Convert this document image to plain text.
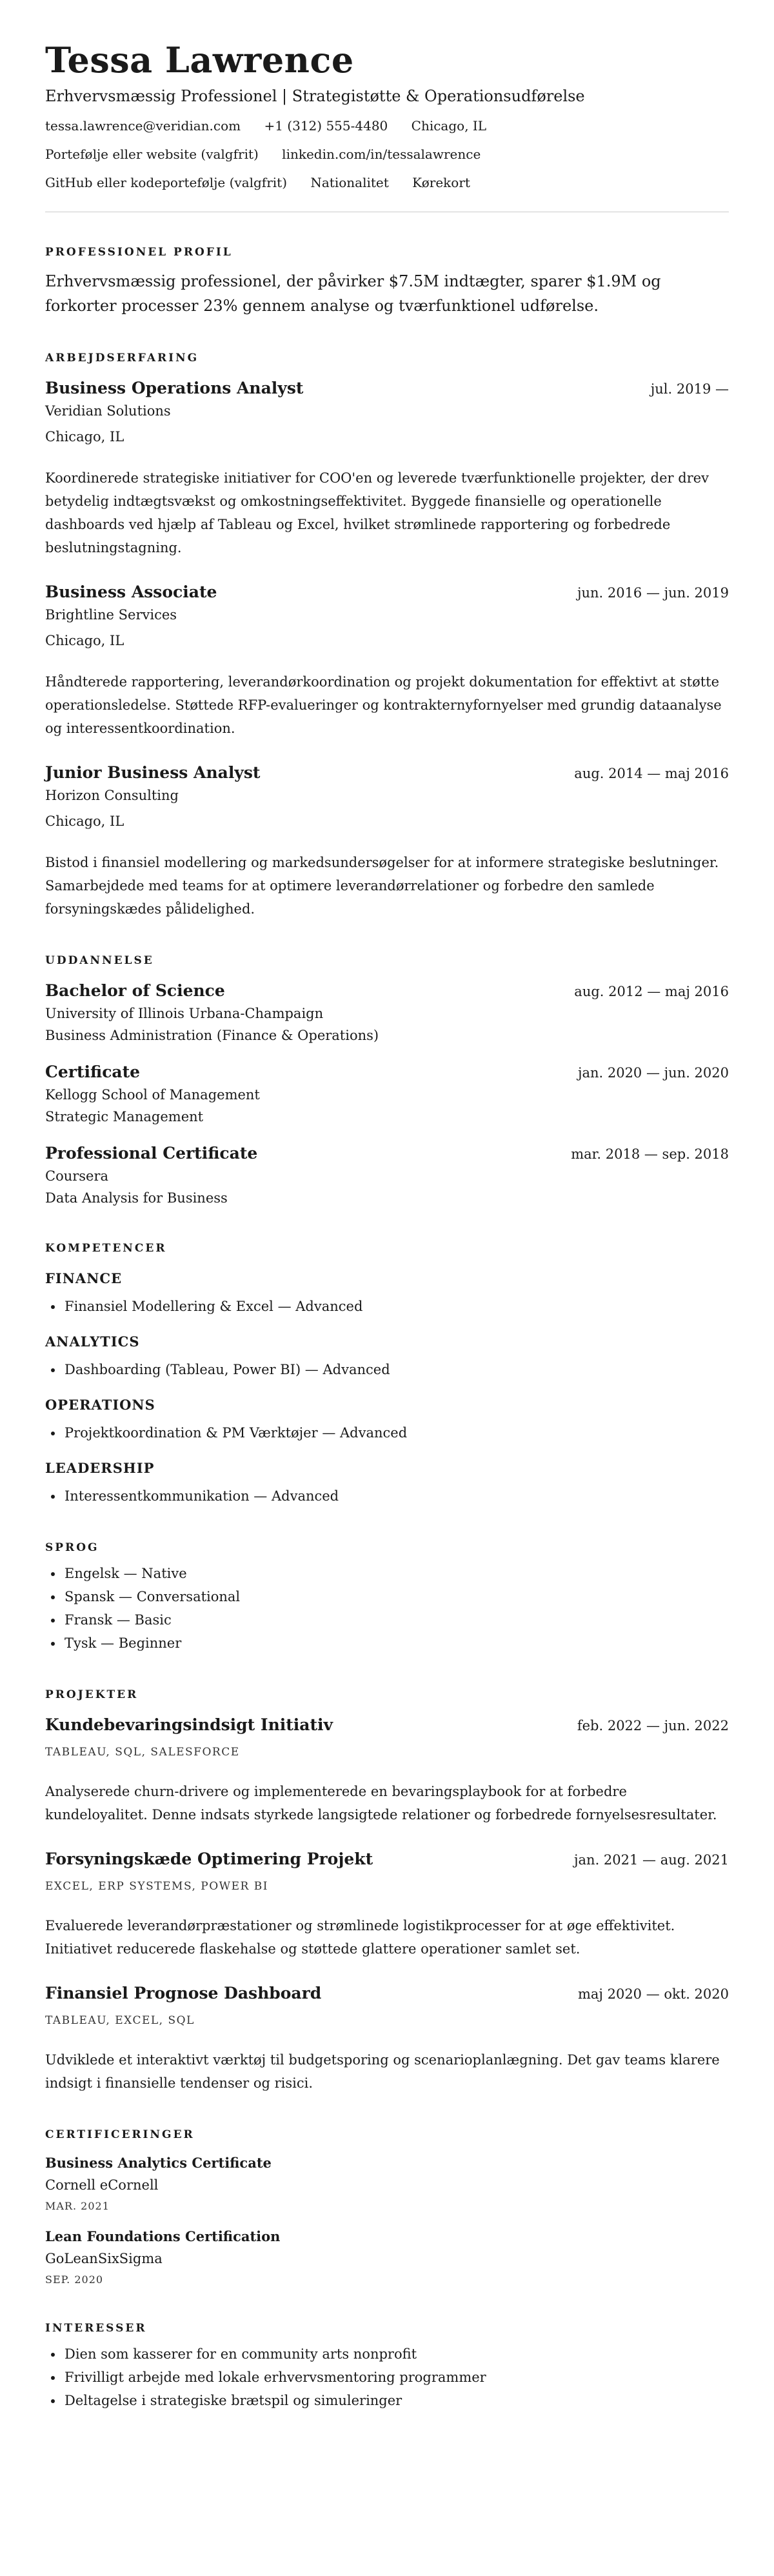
Tessa Lawrence
Erhvervsmæssig Professionel | Strategistøtte & Operationsudførelse
tessa.lawrence@veridian.com +1 (312) 555-4480 Chicago, IL
Portefølje eller website (valgfrit) linkedin.com/in/tessalawrence
GitHub eller kodeportefølje (valgfrit) Nationalitet Kørekort
PROFESSIONEL PROFIL
Erhvervsmæssig professionel, der påvirker $7.5M indtægter, sparer $1.9M og forkorter processer 23% gennem analyse og tværfunktionel udførelse.
ARBEJDSERFARING
Business Operations Analyst	jul. 2019 —
Veridian Solutions
Chicago, IL
Koordinerede strategiske initiativer for COO'en og leverede tværfunktionelle projekter, der drev betydelig indtægtsvækst og omkostningseffektivitet. Byggede finansielle og operationelle dashboards ved hjælp af Tableau og Excel, hvilket strømlinede rapportering og forbedrede beslutningstagning.
Business Associate	jun. 2016 — jun. 2019
Brightline Services
Chicago, IL
Håndterede rapportering, leverandørkoordination og projekt dokumentation for effektivt at støtte operationsledelse. Støttede RFP-evalueringer og kontrakternyfornyelser med grundig dataanalyse og interessentkoordination.
Junior Business Analyst	aug. 2014 — maj 2016
Horizon Consulting
Chicago, IL
Bistod i finansiel modellering og markedsundersøgelser for at informere strategiske beslutninger. Samarbejdede med teams for at optimere leverandørrelationer og forbedre den samlede forsyningskædes pålidelighed.
UDDANNELSE
Bachelor of Science	aug. 2012 — maj 2016
University of Illinois Urbana-Champaign
Business Administration (Finance & Operations)
Certificate	jan. 2020 — jun. 2020
Kellogg School of Management
Strategic Management
Professional Certificate	mar. 2018 — sep. 2018
Coursera
Data Analysis for Business
KOMPETENCER
FINANCE
• Finansiel Modellering & Excel — Advanced
ANALYTICS
• Dashboarding (Tableau, Power BI) — Advanced
OPERATIONS
• Projektkoordination & PM Værktøjer — Advanced
LEADERSHIP
• Interessentkommunikation — Advanced
SPROG
• Engelsk — Native
• Spansk — Conversational
• Fransk — Basic
• Tysk — Beginner
PROJEKTER
Kundebevaringsindsigt Initiativ	feb. 2022 — jun. 2022
TABLEAU, SQL, SALESFORCE
Analyserede churn-drivere og implementerede en bevaringsplaybook for at forbedre kundeloyalitet. Denne indsats styrkede langsigtede relationer og forbedrede fornyelsesresultater.
Forsyningskæde Optimering Projekt	jan. 2021 — aug. 2021
EXCEL, ERP SYSTEMS, POWER BI
Evaluerede leverandørpræstationer og strømlinede logistikprocesser for at øge effektivitet. Initiativet reducerede flaskehalse og støttede glattere operationer samlet set.
Finansiel Prognose Dashboard	maj 2020 — okt. 2020
TABLEAU, EXCEL, SQL
Udviklede et interaktivt værktøj til budgetsporing og scenarioplanlægning. Det gav teams klarere indsigt i finansielle tendenser og risici.
CERTIFICERINGER
Business Analytics Certificate
Cornell eCornell
MAR. 2021
Lean Foundations Certification
GoLeanSixSigma
SEP. 2020
INTERESSER
• Dien som kasserer for en community arts nonprofit
• Frivilligt arbejde med lokale erhvervsmentoring programmer
• Deltagelse i strategiske brætspil og simuleringer
